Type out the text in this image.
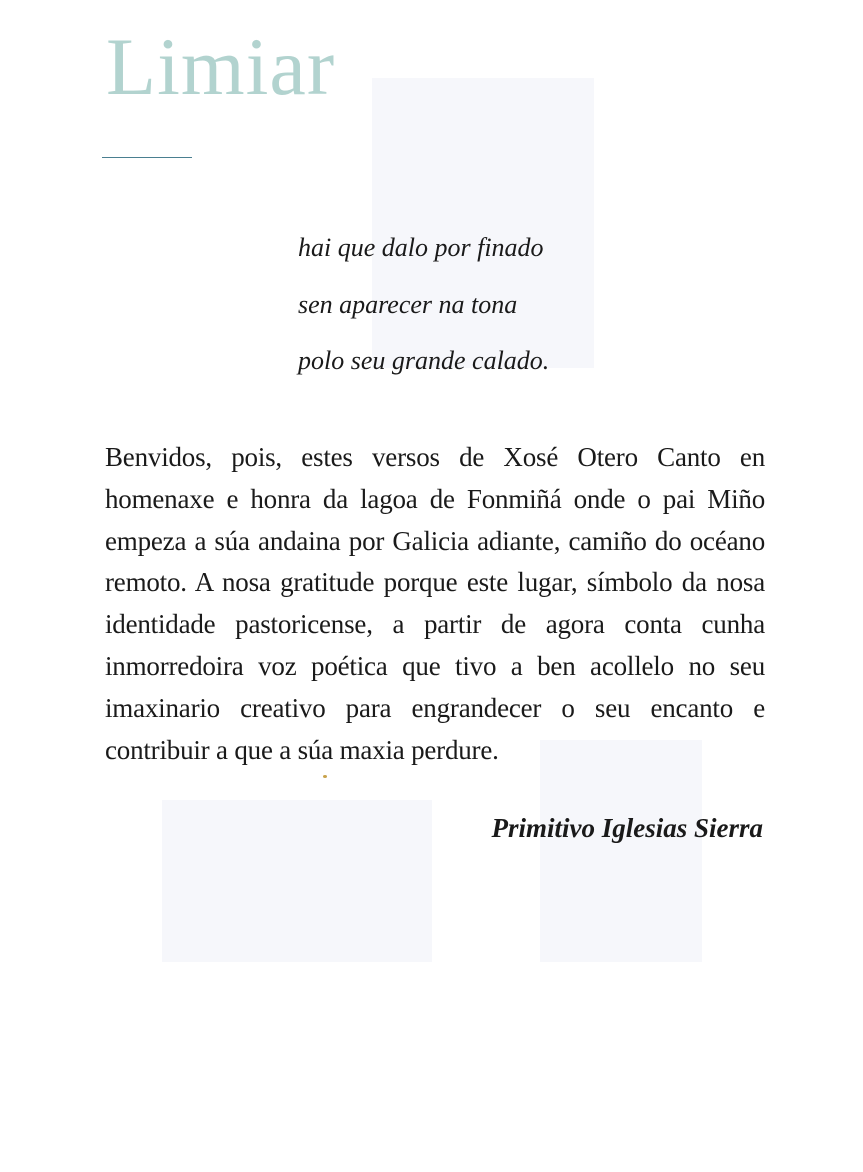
Limiar
hai que dalo por finado
sen aparecer na tona
polo seu grande calado.

Benvidos, pois, estes versos de Xosé Otero Canto en homenaxe e honra da lagoa de Fonmiñá onde o pai Miño empeza a súa andaina por Galicia adiante, camiño do océano remoto. A nosa gratitude porque este lugar, símbolo da nosa identidade pastoricense, a partir de agora conta cunha inmorredoira voz poética que tivo a ben acollelo no seu imaxinario creativo para engrandecer o seu encanto e contribuir a que a súa maxia perdure.

Primitivo Iglesias Sierra
